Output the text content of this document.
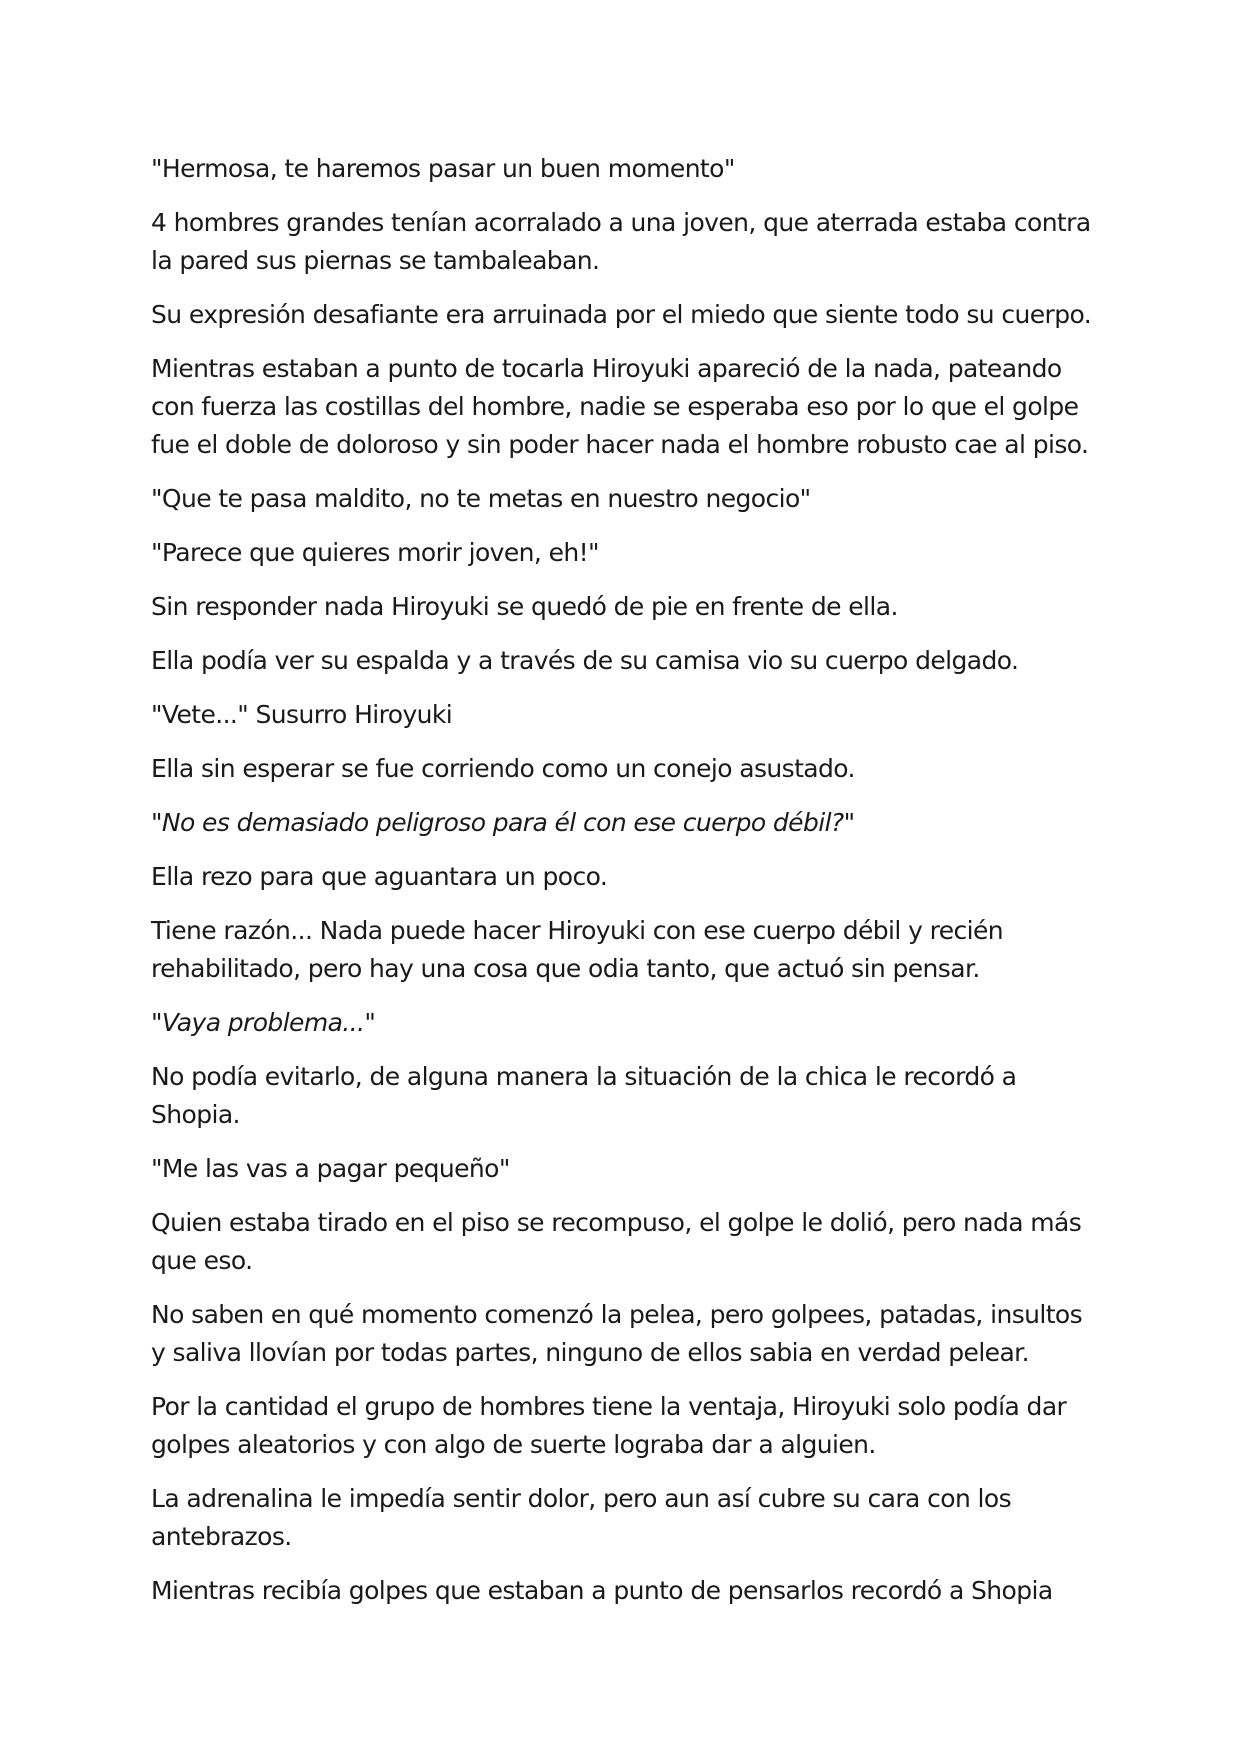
"Hermosa, te haremos pasar un buen momento"

4 hombres grandes tenían acorralado a una joven, que aterrada estaba contra la pared sus piernas se tambaleaban.

Su expresión desafiante era arruinada por el miedo que siente todo su cuerpo.

Mientras estaban a punto de tocarla Hiroyuki apareció de la nada, pateando con fuerza las costillas del hombre, nadie se esperaba eso por lo que el golpe fue el doble de doloroso y sin poder hacer nada el hombre robusto cae al piso.

"Que te pasa maldito, no te metas en nuestro negocio"

"Parece que quieres morir joven, eh!"

Sin responder nada Hiroyuki se quedó de pie en frente de ella.

Ella podía ver su espalda y a través de su camisa vio su cuerpo delgado.

"Vete..." Susurro Hiroyuki

Ella sin esperar se fue corriendo como un conejo asustado.

"No es demasiado peligroso para él con ese cuerpo débil?"

Ella rezo para que aguantara un poco.

Tiene razón... Nada puede hacer Hiroyuki con ese cuerpo débil y recién rehabilitado, pero hay una cosa que odia tanto, que actuó sin pensar.

"Vaya problema..."

No podía evitarlo, de alguna manera la situación de la chica le recordó a Shopia.

"Me las vas a pagar pequeño"

Quien estaba tirado en el piso se recompuso, el golpe le dolió, pero nada más que eso.

No saben en qué momento comenzó la pelea, pero golpees, patadas, insultos y saliva llovían por todas partes, ninguno de ellos sabia en verdad pelear.

Por la cantidad el grupo de hombres tiene la ventaja, Hiroyuki solo podía dar golpes aleatorios y con algo de suerte lograba dar a alguien.

La adrenalina le impedía sentir dolor, pero aun así cubre su cara con los antebrazos.

Mientras recibía golpes que estaban a punto de pensarlos recordó a Shopia
